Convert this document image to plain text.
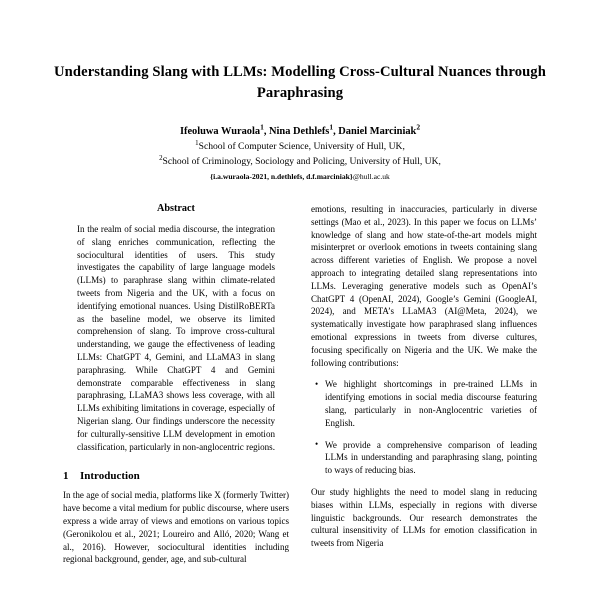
Understanding Slang with LLMs: Modelling Cross-Cultural Nuances through Paraphrasing
Ifeoluwa Wuraola$^1$, Nina Dethlefs$^1$, Daniel Marciniak$^2$
$^1$School of Computer Science, University of Hull, UK,
$^2$School of Criminology, Sociology and Policing, University of Hull, UK,
{i.a.wuraola-2021, n.dethlefs, d.f.marciniak}@hull.ac.uk
Abstract

In the realm of social media discourse, the integration of slang enriches communication, reflecting the sociocultural identities of users. This study investigates the capability of large language models (LLMs) to paraphrase slang within climate-related tweets from Nigeria and the UK, with a focus on identifying emotional nuances. Using DistilRoBERTa as the baseline model, we observe its limited comprehension of slang. To improve cross-cultural understanding, we gauge the effectiveness of leading LLMs: ChatGPT 4, Gemini, and LLaMA3 in slang paraphrasing. While ChatGPT 4 and Gemini demonstrate comparable effectiveness in slang paraphrasing, LLaMA3 shows less coverage, with all LLMs exhibiting limitations in coverage, especially of Nigerian slang. Our findings underscore the necessity for culturally-sensitive LLM development in emotion classification, particularly in non-anglocentric regions.

1 Introduction

In the age of social media, platforms like X (formerly Twitter) have become a vital medium for public discourse, where users express a wide array of views and emotions on various topics (Geronikolou et al., 2021; Loureiro and Alló, 2020; Wang et al., 2016). However, sociocultural identities including regional background, gender, age, and sub-cultural

emotions, resulting in inaccuracies, particularly in diverse settings (Mao et al., 2023). In this paper we focus on LLMs’ knowledge of slang and how state-of-the-art models might misinterpret or overlook emotions in tweets containing slang across different varieties of English. We propose a novel approach to integrating detailed slang representations into LLMs. Leveraging generative models such as OpenAI’s ChatGPT 4 (OpenAI, 2024), Google’s Gemini (GoogleAI, 2024), and META’s LLaMA3 (AI@Meta, 2024), we systematically investigate how paraphrased slang influences emotional expressions in tweets from diverse cultures, focusing specifically on Nigeria and the UK. We make the following contributions:

• We highlight shortcomings in pre-trained LLMs in identifying emotions in social media discourse featuring slang, particularly in non-Anglocentric varieties of English.
• We provide a comprehensive comparison of leading LLMs in understanding and paraphrasing slang, pointing to ways of reducing bias.

Our study highlights the need to model slang in reducing biases within LLMs, especially in regions with diverse linguistic backgrounds. Our research demonstrates the cultural insensitivity of LLMs for emotion classification in tweets from Nigeria
